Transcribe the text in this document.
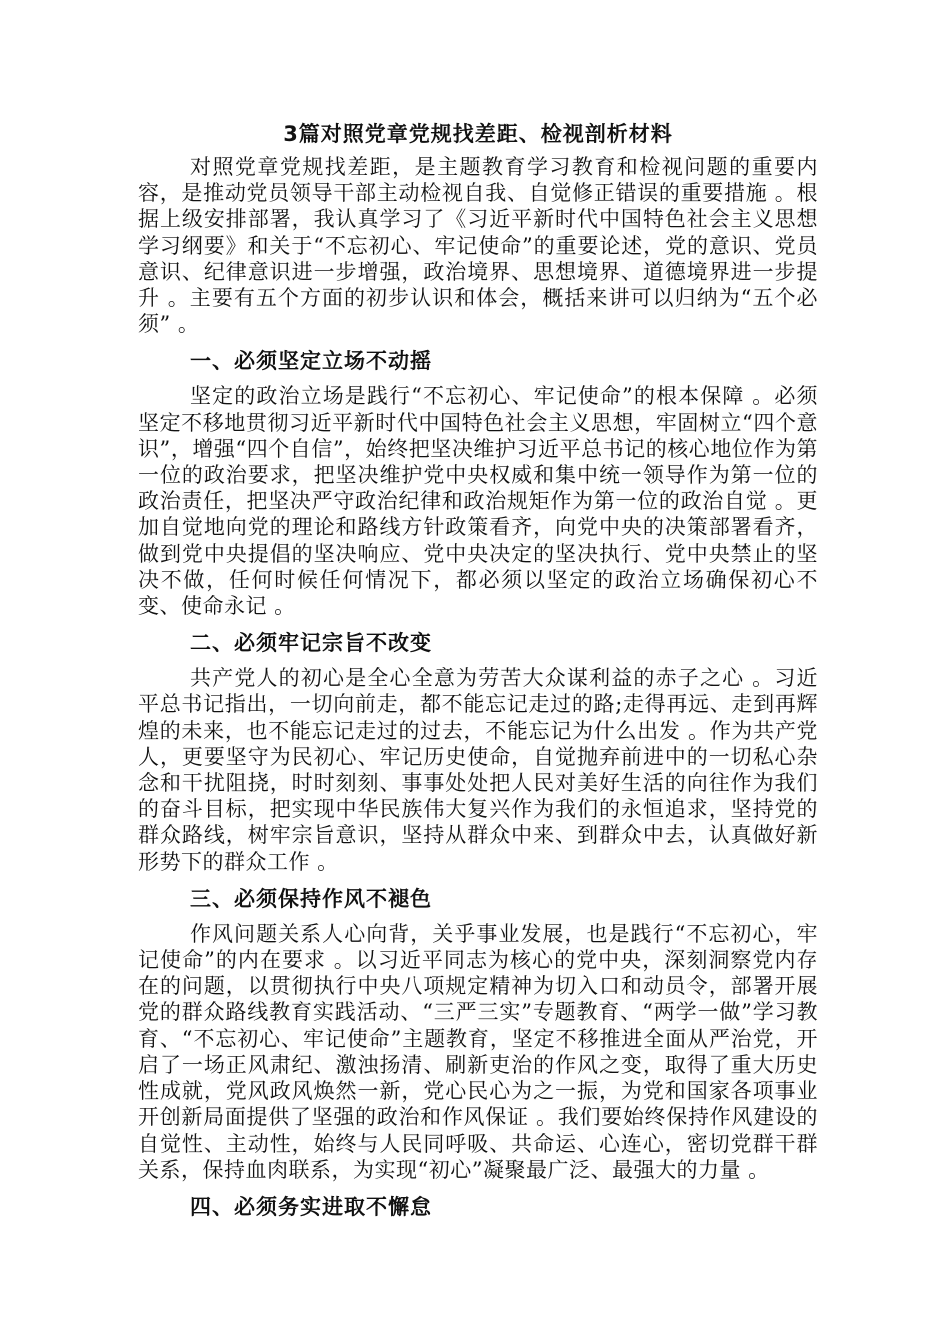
3篇对照党章党规找差距、检视剖析材料

对照党章党规找差距，是主题教育学习教育和检视问题的重要内容，是推动党员领导干部主动检视自我、自觉修正错误的重要措施 。根据上级安排部署，我认真学习了《习近平新时代中国特色社会主义思想学习纲要》和关于“不忘初心、牢记使命”的重要论述，党的意识、党员意识、纪律意识进一步增强，政治境界、思想境界、道德境界进一步提升 。主要有五个方面的初步认识和体会，概括来讲可以归纳为“五个必须” 。

一、必须坚定立场不动摇

坚定的政治立场是践行“不忘初心、牢记使命”的根本保障 。必须坚定不移地贯彻习近平新时代中国特色社会主义思想，牢固树立“四个意识”，增强“四个自信”，始终把坚决维护习近平总书记的核心地位作为第一位的政治要求，把坚决维护党中央权威和集中统一领导作为第一位的政治责任，把坚决严守政治纪律和政治规矩作为第一位的政治自觉 。更加自觉地向党的理论和路线方针政策看齐，向党中央的决策部署看齐，做到党中央提倡的坚决响应、党中央决定的坚决执行、党中央禁止的坚决不做，任何时候任何情况下，都必须以坚定的政治立场确保初心不变、使命永记 。

二、必须牢记宗旨不改变

共产党人的初心是全心全意为劳苦大众谋利益的赤子之心 。习近平总书记指出，一切向前走，都不能忘记走过的路;走得再远、走到再辉煌的未来，也不能忘记走过的过去，不能忘记为什么出发 。作为共产党人，更要坚守为民初心、牢记历史使命，自觉抛弃前进中的一切私心杂念和干扰阻挠，时时刻刻、事事处处把人民对美好生活的向往作为我们的奋斗目标，把实现中华民族伟大复兴作为我们的永恒追求，坚持党的群众路线，树牢宗旨意识，坚持从群众中来、到群众中去，认真做好新形势下的群众工作 。

三、必须保持作风不褪色

作风问题关系人心向背，关乎事业发展，也是践行“不忘初心，牢记使命”的内在要求 。以习近平同志为核心的党中央，深刻洞察党内存在的问题，以贯彻执行中央八项规定精神为切入口和动员令，部署开展党的群众路线教育实践活动、“三严三实”专题教育、“两学一做”学习教育、“不忘初心、牢记使命”主题教育，坚定不移推进全面从严治党，开启了一场正风肃纪、激浊扬清、刷新吏治的作风之变，取得了重大历史性成就，党风政风焕然一新，党心民心为之一振，为党和国家各项事业开创新局面提供了坚强的政治和作风保证 。我们要始终保持作风建设的自觉性、主动性，始终与人民同呼吸、共命运、心连心，密切党群干群关系，保持血肉联系，为实现“初心”凝聚最广泛、最强大的力量 。

四、必须务实进取不懈怠
